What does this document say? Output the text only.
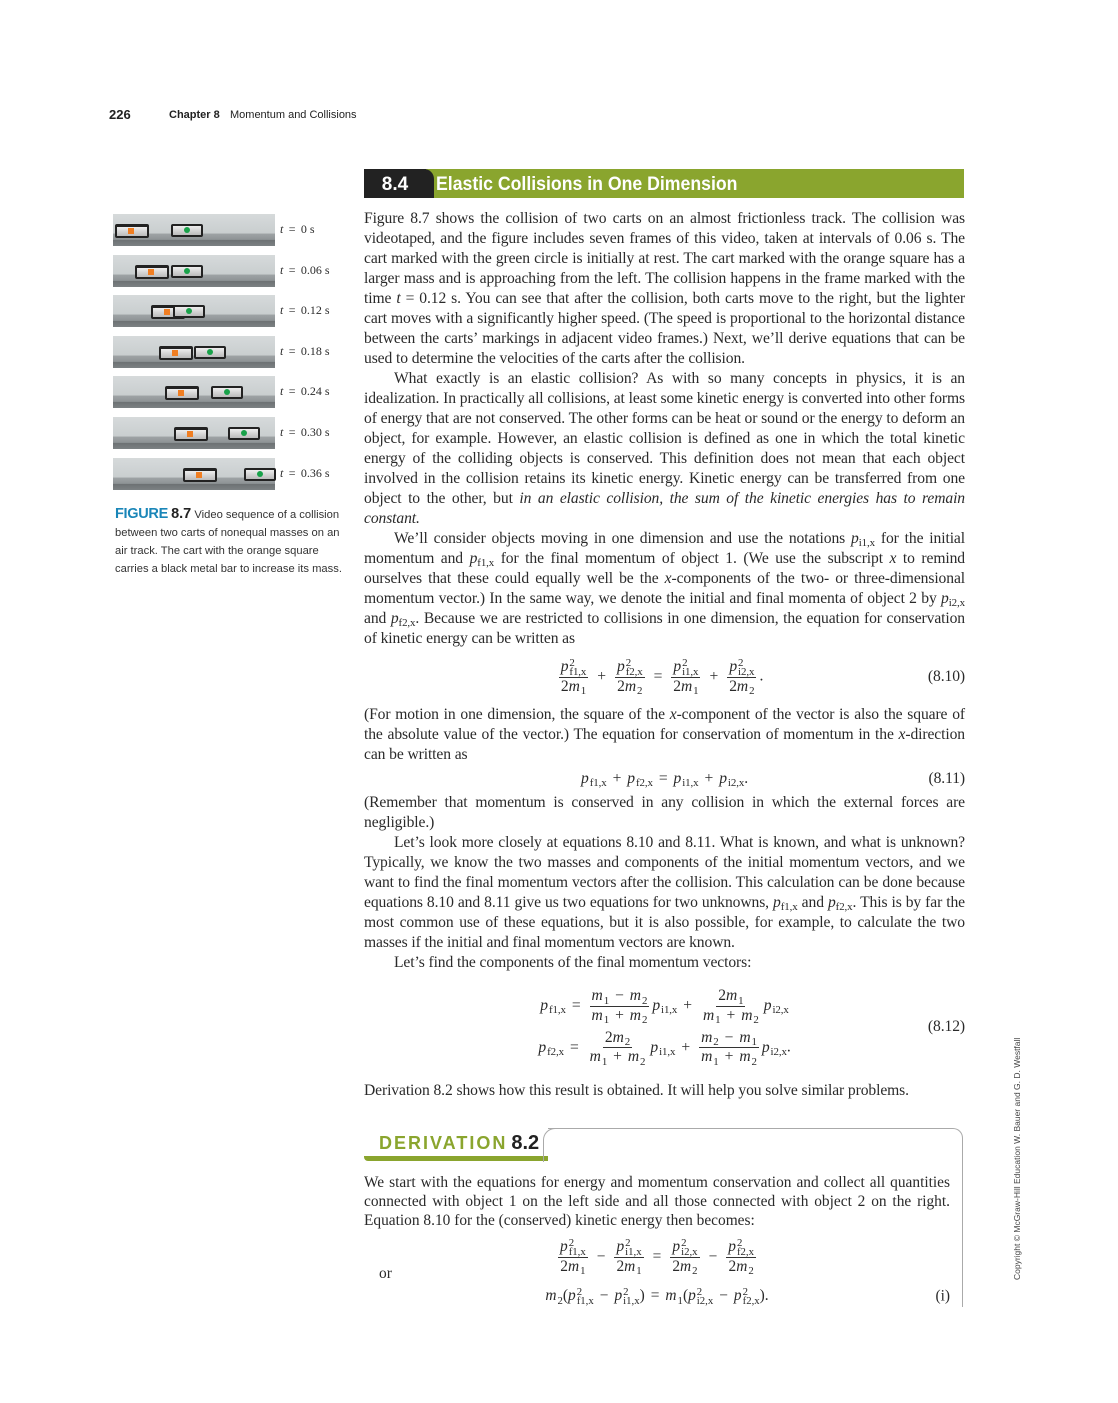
226	Chapter 8 Momentum and Collisions
8.4	Elastic Collisions in One Dimension
t  =  0 s
t  =  0.06 s
t  =  0.12 s
t  =  0.18 s
t  =  0.24 s
t  =  0.30 s
t  =  0.36 s
FIGURE 8.7 Video sequence of a collision between two carts of nonequal masses on an air track. The cart with the orange square carries a black metal bar to increase its mass.

Figure 8.7 shows the collision of two carts on an almost frictionless track. The collision was videotaped, and the figure includes seven frames of this video, taken at intervals of 0.06 s. The cart marked with the green circle is initially at rest. The cart marked with the orange square has a larger mass and is approaching from the left. The collision happens in the frame marked with the time t = 0.12 s. You can see that after the collision, both carts move to the right, but the lighter cart moves with a significantly higher speed. (The speed is proportional to the horizontal distance between the carts’ markings in adjacent video frames.) Next, we’ll derive equations that can be used to determine the velocities of the carts after the collision.

What exactly is an elastic collision? As with so many concepts in physics, it is an idealization. In practically all collisions, at least some kinetic energy is converted into other forms of energy that are not conserved. The other forms can be heat or sound or the energy to deform an object, for example. However, an elastic collision is defined as one in which the total kinetic energy of the colliding objects is conserved. This definition does not mean that each object involved in the collision retains its kinetic energy. Kinetic energy can be transferred from one object to the other, but in an elastic collision, the sum of the kinetic energies has to remain constant.

We’ll consider objects moving in one dimension and use the notations $p_{i1,x}$ for the initial momentum and $p_{f1,x}$ for the final momentum of object 1. (We use the subscript x to remind ourselves that these could equally well be the x-components of the two- or three-dimensional momentum vector.) In the same way, we denote the initial and final momenta of object 2 by $p_{i2,x}$ and $p_{f2,x}$. Because we are restricted to collisions in one dimension, the equation for conservation of kinetic energy can be written as

p 2
f1,x
2m
1 + p 2
f2,x
2m
2 = p 2
i1,x
2m
1 + p 2
i2,x
2m
2 .	(8.10)

(For motion in one dimension, the square of the x-component of the vector is also the square of the absolute value of the vector.) The equation for conservation of momentum in the x-direction can be written as

p
f1,x + p
f2,x = p
i1,x + p
i2,x .	(8.11)

(Remember that momentum is conserved in any collision in which the external forces are negligible.)

Let’s look more closely at equations 8.10 and 8.11. What is known, and what is unknown? Typically, we know the two masses and components of the initial momentum vectors, and we want to find the final momentum vectors after the collision. This calculation can be done because equations 8.10 and 8.11 give us two equations for two unknowns, $p_{f1,x}$ and $p_{f2,x}$. This is by far the most common use of these equations, but it is also possible, for example, to calculate the two masses if the initial and final momentum vectors are known.

Let’s find the components of the final momentum vectors:

p
f1,x = m
1 − m
2
m
1 + m
2 p
i1,x + 2m
1
m
1 + m
2 p
i2,x
p
f2,x = 2m
2
m
1 + m
2 p
i1,x + m
2 − m
1
m
1 + m
2 p
i2,x .
(8.12)

Derivation 8.2 shows how this result is obtained. It will help you solve similar problems.

DERIVATION 8.2

We start with the equations for energy and momentum conservation and collect all quantities connected with object 1 on the left side and all those connected with object 2 on the right. Equation 8.10 for the (conserved) kinetic energy then becomes:

p 2
f1,x
2m
1 − p 2
i1,x
2m
1 = p 2
i2,x
2m
2 − p 2
f2,x
2m
2
or
m
2 (p 2
f1,x − p 2
i1,x ) = m
1 (p 2
i2,x − p 2
f2,x ).	(i)
Copyright © McGraw-Hill Education W. Bauer and G. D. Westfall
